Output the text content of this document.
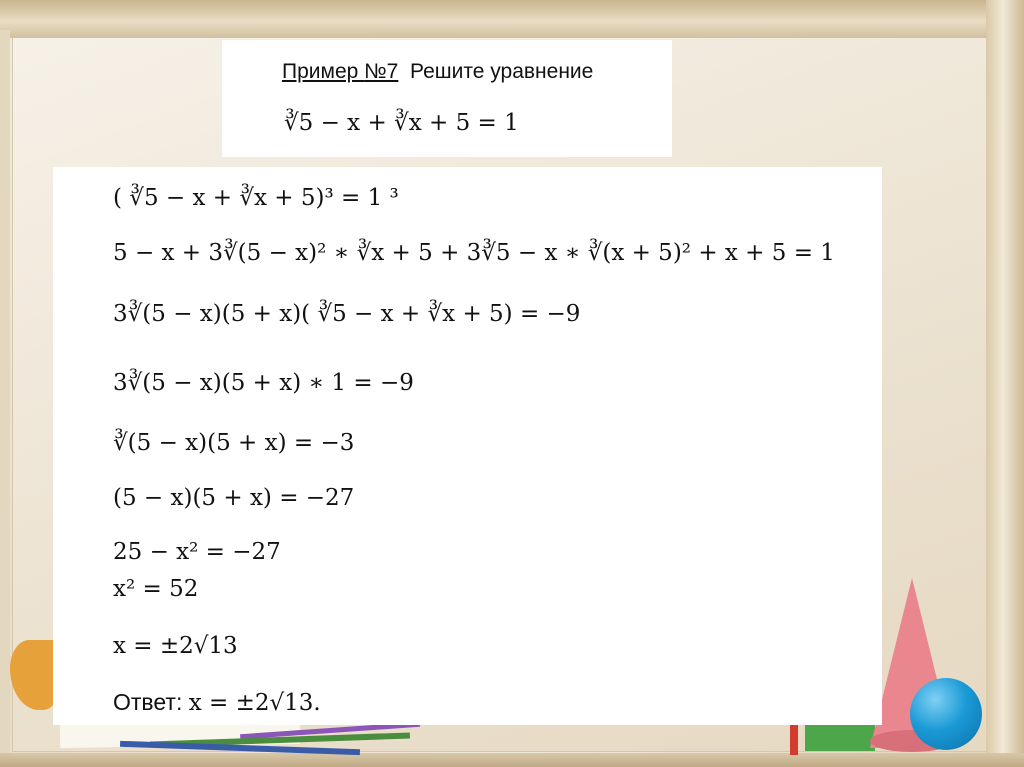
Пример №7  Решите уравнение
∛5 − x + ∛x + 5 = 1
( ∛5 − x + ∛x + 5)³ = 1 ³
5 − x + 3∛(5 − x)² ∗ ∛x + 5 + 3∛5 − x ∗ ∛(x + 5)² + x + 5 = 1
3∛(5 − x)(5 + x)( ∛5 − x + ∛x + 5) = −9
3∛(5 − x)(5 + x) ∗ 1 = −9
∛(5 − x)(5 + x) = −3
(5 − x)(5 + x) = −27
25 − x² = −27
x² = 52
x = ±2√13
Ответ: x = ±2√13.
